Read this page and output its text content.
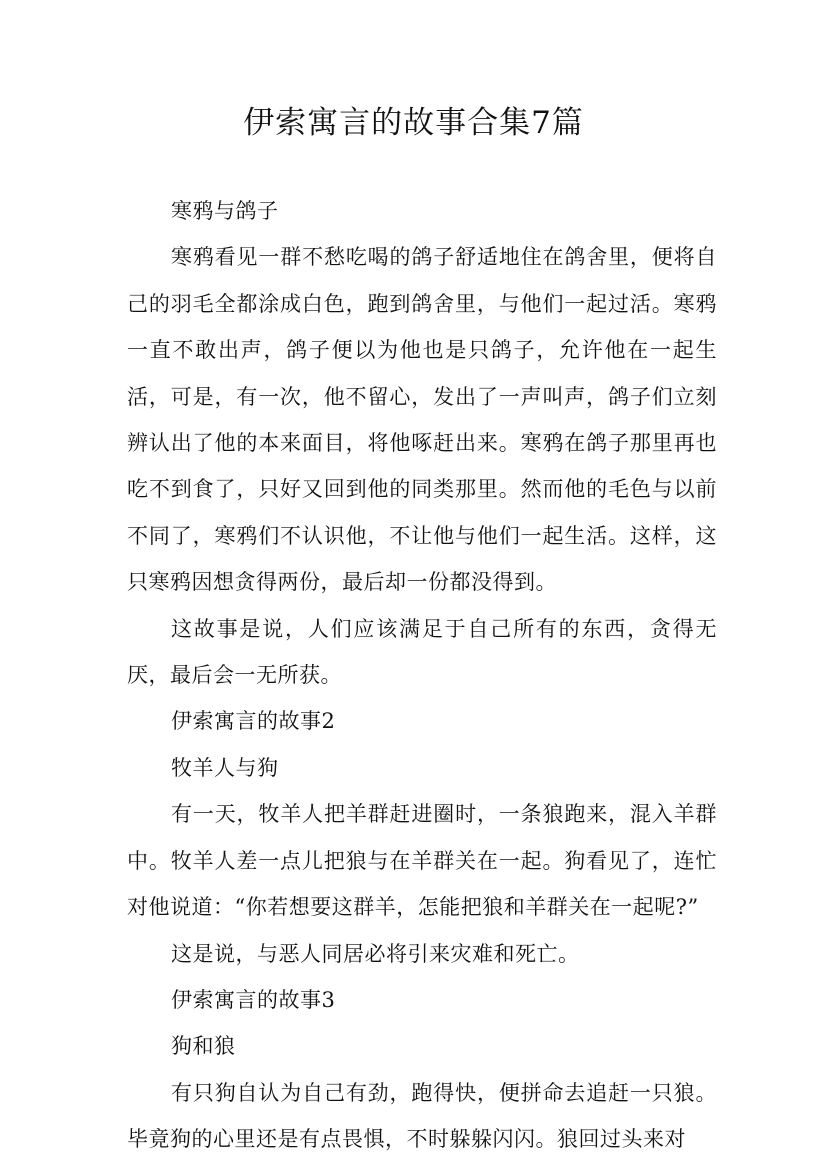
伊索寓言的故事合集7篇

寒鸦与鸽子

寒鸦看见一群不愁吃喝的鸽子舒适地住在鸽舍里，便将自己的羽毛全都涂成白色，跑到鸽舍里，与他们一起过活。寒鸦一直不敢出声，鸽子便以为他也是只鸽子，允许他在一起生活，可是，有一次，他不留心，发出了一声叫声，鸽子们立刻辨认出了他的本来面目，将他啄赶出来。寒鸦在鸽子那里再也吃不到食了，只好又回到他的同类那里。然而他的毛色与以前不同了，寒鸦们不认识他，不让他与他们一起生活。这样，这只寒鸦因想贪得两份，最后却一份都没得到。

这故事是说，人们应该满足于自己所有的东西，贪得无厌，最后会一无所获。

伊索寓言的故事2

牧羊人与狗

有一天，牧羊人把羊群赶进圈时，一条狼跑来，混入羊群中。牧羊人差一点儿把狼与在羊群关在一起。狗看见了，连忙对他说道：“你若想要这群羊，怎能把狼和羊群关在一起呢?”

这是说，与恶人同居必将引来灾难和死亡。

伊索寓言的故事3

狗和狼

有只狗自认为自己有劲，跑得快，便拼命去追赶一只狼。毕竟狗的心里还是有点畏惧，不时躲躲闪闪。狼回过头来对
